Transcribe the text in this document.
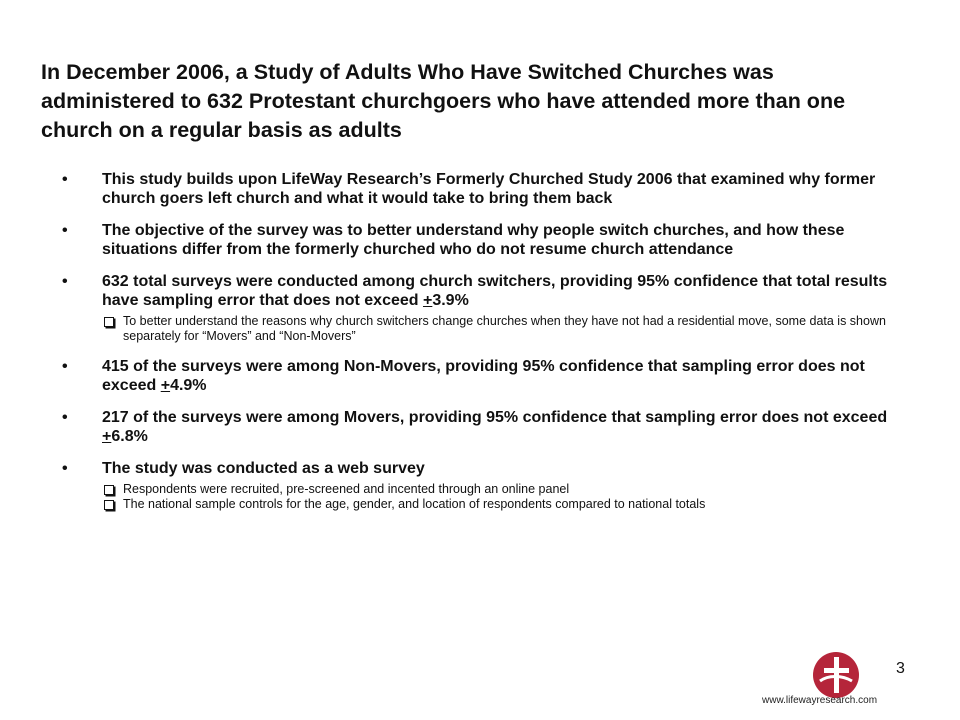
In December 2006, a Study of Adults Who Have Switched Churches was administered to 632 Protestant churchgoers who have attended more than one church on a regular basis as adults
• This study builds upon LifeWay Research’s Formerly Churched Study 2006 that examined why former church goers left church and what it would take to bring them back
• The objective of the survey was to better understand why people switch churches, and how these situations differ from the formerly churched who do not resume church attendance
• 632 total surveys were conducted among church switchers, providing 95% confidence that total results have sampling error that does not exceed +3.9%
To better understand the reasons why church switchers change churches when they have not had a residential move, some data is shown separately for “Movers” and “Non-Movers”
• 415 of the surveys were among Non-Movers, providing 95% confidence that sampling error does not exceed +4.9%
• 217 of the surveys were among Movers, providing 95% confidence that sampling error does not exceed +6.8%
• The study was conducted as a web survey
Respondents were recruited, pre-screened and incented through an online panel
The national sample controls for the age, gender, and location of respondents compared to national totals
3
www.lifewayresearch.com
